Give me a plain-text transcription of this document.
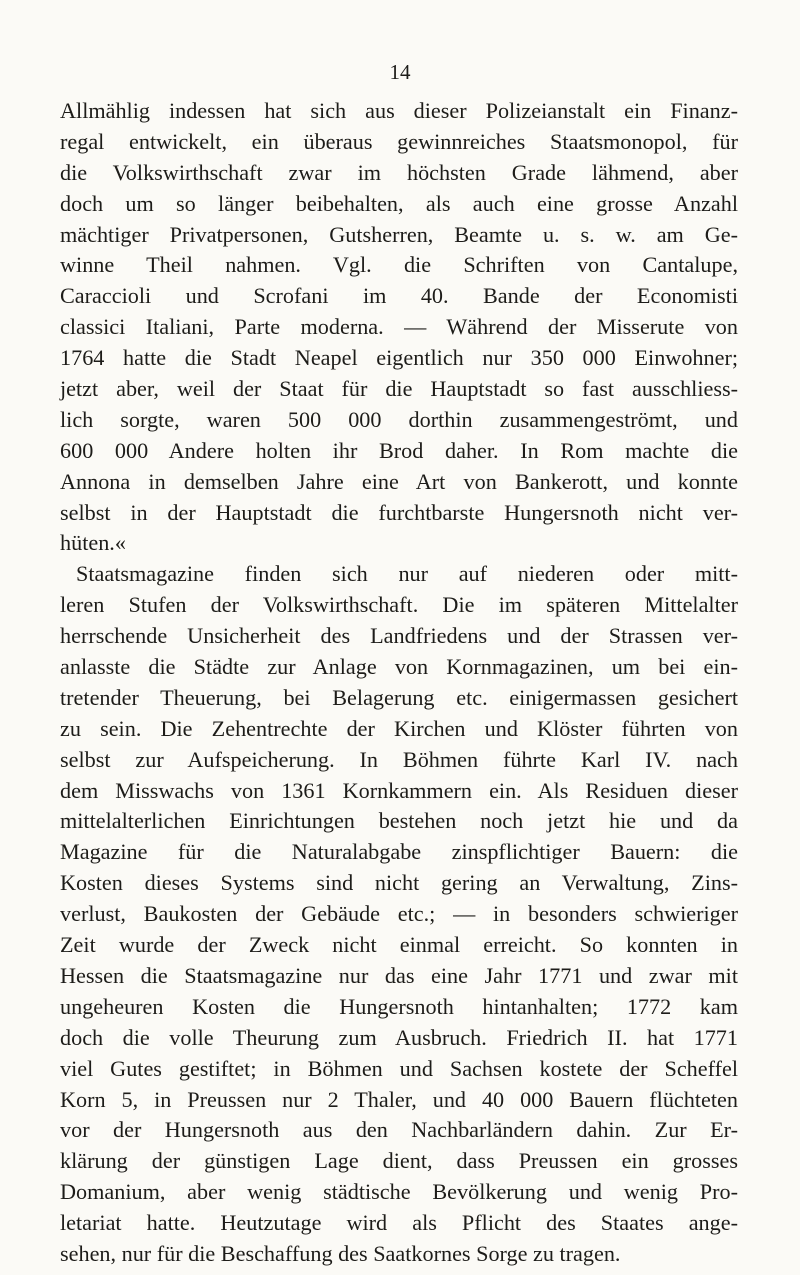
14
Allmählig indessen hat sich aus dieser Polizeianstalt ein Finanz-
regal entwickelt, ein überaus gewinnreiches Staatsmonopol, für
die Volkswirthschaft zwar im höchsten Grade lähmend, aber
doch um so länger beibehalten, als auch eine grosse Anzahl
mächtiger Privatpersonen, Gutsherren, Beamte u. s. w. am Ge-
winne Theil nahmen. Vgl. die Schriften von Cantalupe,
Caraccioli und Scrofani im 40. Bande der Economisti
classici Italiani, Parte moderna. — Während der Misserute von
1764 hatte die Stadt Neapel eigentlich nur 350 000 Einwohner;
jetzt aber, weil der Staat für die Hauptstadt so fast ausschliess-
lich sorgte, waren 500 000 dorthin zusammengeströmt, und
600 000 Andere holten ihr Brod daher. In Rom machte die
Annona in demselben Jahre eine Art von Bankerott, und konnte
selbst in der Hauptstadt die furchtbarste Hungersnoth nicht ver-
hüten.«
Staatsmagazine finden sich nur auf niederen oder mitt-
leren Stufen der Volkswirthschaft. Die im späteren Mittelalter
herrschende Unsicherheit des Landfriedens und der Strassen ver-
anlasste die Städte zur Anlage von Kornmagazinen, um bei ein-
tretender Theuerung, bei Belagerung etc. einigermassen gesichert
zu sein. Die Zehentrechte der Kirchen und Klöster führten von
selbst zur Aufspeicherung. In Böhmen führte Karl IV. nach
dem Misswachs von 1361 Kornkammern ein. Als Residuen dieser
mittelalterlichen Einrichtungen bestehen noch jetzt hie und da
Magazine für die Naturalabgabe zinspflichtiger Bauern: die
Kosten dieses Systems sind nicht gering an Verwaltung, Zins-
verlust, Baukosten der Gebäude etc.; — in besonders schwieriger
Zeit wurde der Zweck nicht einmal erreicht. So konnten in
Hessen die Staatsmagazine nur das eine Jahr 1771 und zwar mit
ungeheuren Kosten die Hungersnoth hintanhalten; 1772 kam
doch die volle Theurung zum Ausbruch. Friedrich II. hat 1771
viel Gutes gestiftet; in Böhmen und Sachsen kostete der Scheffel
Korn 5, in Preussen nur 2 Thaler, und 40 000 Bauern flüchteten
vor der Hungersnoth aus den Nachbarländern dahin. Zur Er-
klärung der günstigen Lage dient, dass Preussen ein grosses
Domanium, aber wenig städtische Bevölkerung und wenig Pro-
letariat hatte. Heutzutage wird als Pflicht des Staates ange-
sehen, nur für die Beschaffung des Saatkornes Sorge zu tragen.
